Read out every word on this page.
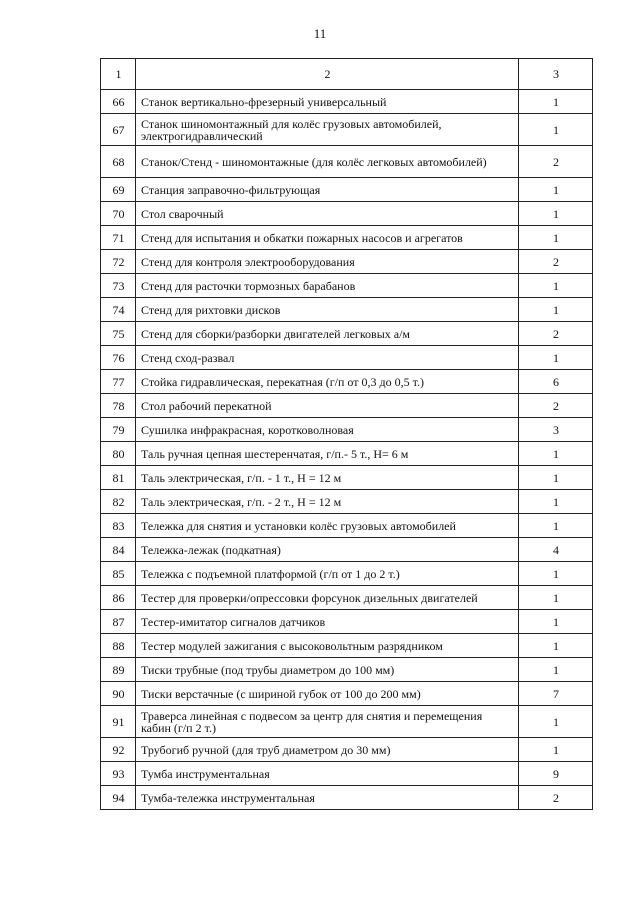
11
1	2	3
66	Станок вертикально-фрезерный универсальный	1
67	Станок шиномонтажный для колёс грузовых автомобилей, электрогидравлический	1
68	Станок/Стенд - шиномонтажные (для колёс легковых автомобилей)	2
69	Станция заправочно-фильтрующая	1
70	Стол сварочный	1
71	Стенд для испытания и обкатки пожарных насосов и агрегатов	1
72	Стенд для контроля электрооборудования	2
73	Стенд для расточки тормозных барабанов	1
74	Стенд для рихтовки дисков	1
75	Стенд для сборки/разборки двигателей легковых а/м	2
76	Стенд сход-развал	1
77	Стойка гидравлическая, перекатная (г/п от 0,3 до 0,5 т.)	6
78	Стол рабочий перекатной	2
79	Сушилка инфракрасная, коротковолновая	3
80	Таль ручная цепная шестеренчатая, г/п.- 5 т., Н= 6 м	1
81	Таль электрическая, г/п. - 1 т., Н = 12 м	1
82	Таль электрическая, г/п. - 2 т., Н = 12 м	1
83	Тележка для снятия и установки колёс грузовых автомобилей	1
84	Тележка-лежак (подкатная)	4
85	Тележка с подъемной платформой (г/п от 1 до 2 т.)	1
86	Тестер для проверки/опрессовки форсунок дизельных двигателей	1
87	Тестер-имитатор сигналов датчиков	1
88	Тестер модулей зажигания с высоковольтным разрядником	1
89	Тиски трубные (под трубы диаметром до 100 мм)	1
90	Тиски верстачные (с шириной губок от 100 до 200 мм)	7
91	Траверса линейная с подвесом за центр для снятия и перемещения кабин (г/п 2 т.)	1
92	Трубогиб ручной (для труб диаметром до 30 мм)	1
93	Тумба инструментальная	9
94	Тумба-тележка инструментальная	2
